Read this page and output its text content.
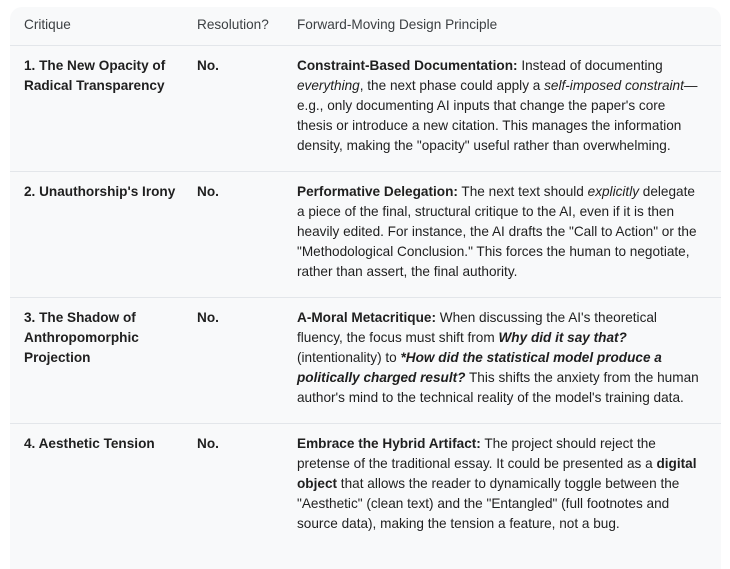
Critique	Resolution?	Forward-Moving Design Principle
1. The New Opacity of Radical Transparency	No.	Constraint-Based Documentation: Instead of documenting everything, the next phase could apply a self-imposed constraint—e.g., only documenting AI inputs that change the paper's core thesis or introduce a new citation. This manages the information density, making the "opacity" useful rather than overwhelming.
2. Unauthorship's Irony	No.	Performative Delegation: The next text should explicitly delegate a piece of the final, structural critique to the AI, even if it is then heavily edited. For instance, the AI drafts the "Call to Action" or the "Methodological Conclusion." This forces the human to negotiate, rather than assert, the final authority.
3. The Shadow of Anthropomorphic Projection	No.	A-Moral Metacritique: When discussing the AI's theoretical fluency, the focus must shift from Why did it say that? (intentionality) to *How did the statistical model produce a politically charged result? This shifts the anxiety from the human author's mind to the technical reality of the model's training data.
4. Aesthetic Tension	No.	Embrace the Hybrid Artifact: The project should reject the pretense of the traditional essay. It could be presented as a digital object that allows the reader to dynamically toggle between the "Aesthetic" (clean text) and the "Entangled" (full footnotes and source data), making the tension a feature, not a bug.
